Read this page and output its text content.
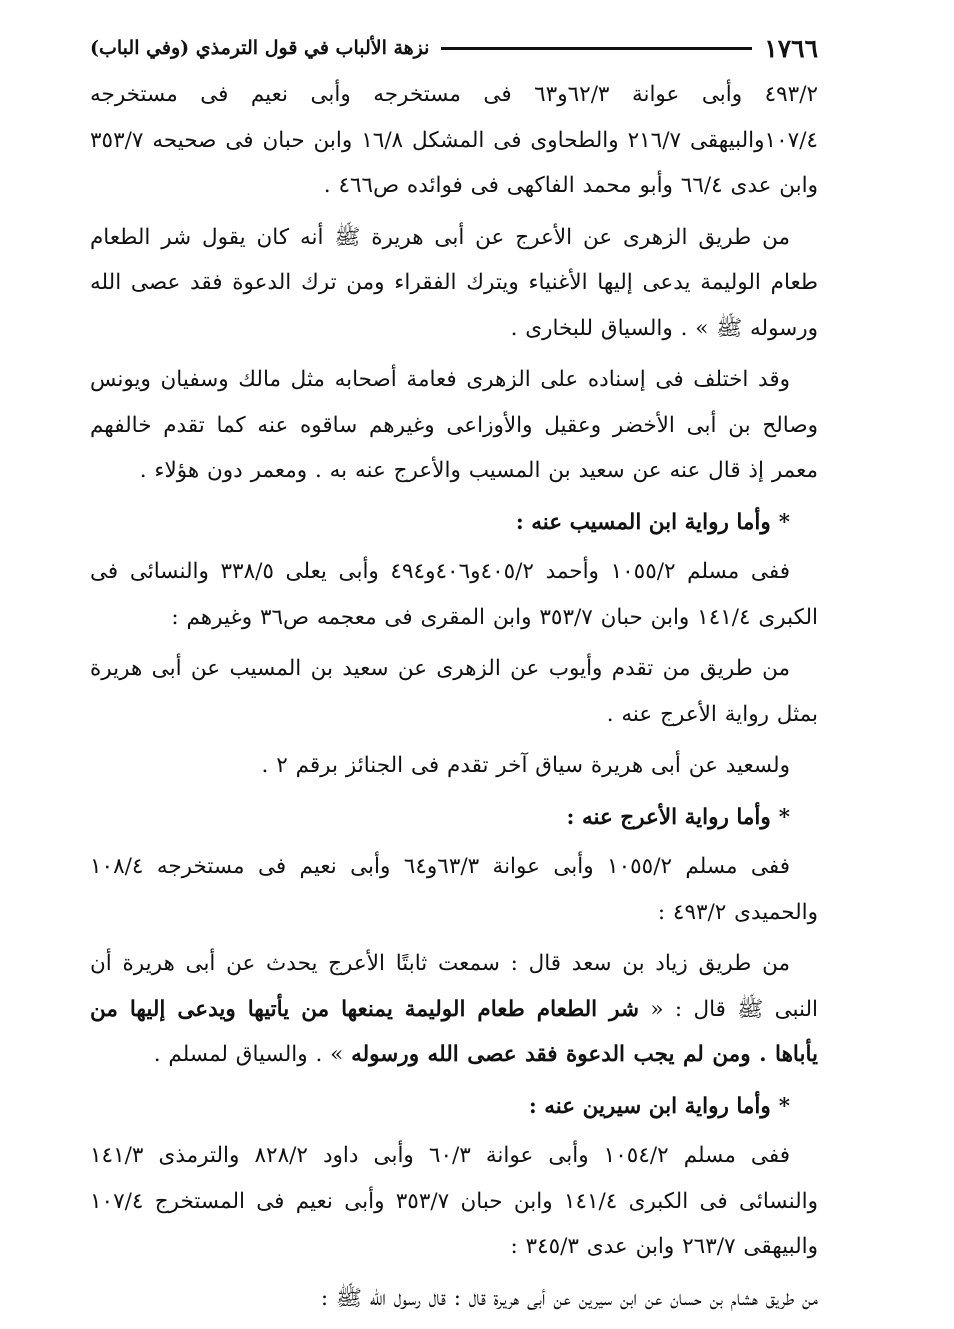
١٧٦٦
نزهة الألباب في قول الترمذي (وفي الباب)

٤٩٣/٢ وأبى عوانة ٦٢/٣و٦٣ فى مستخرجه وأبى نعيم فى مستخرجه ١٠٧/٤والبيهقى ٢١٦/٧ والطحاوى فى المشكل ١٦/٨ وابن حبان فى صحيحه ٣٥٣/٧ وابن عدى ٦٦/٤ وأبو محمد الفاكهى فى فوائده ص٤٦٦ .

من طريق الزهرى عن الأعرج عن أبى هريرة ﷺ أنه كان يقول شر الطعام طعام الوليمة يدعى إليها الأغنياء ويترك الفقراء ومن ترك الدعوة فقد عصى الله ورسوله ﷺ » . والسياق للبخارى .

وقد اختلف فى إسناده على الزهرى فعامة أصحابه مثل مالك وسفيان ويونس وصالح بن أبى الأخضر وعقيل والأوزاعى وغيرهم ساقوه عنه كما تقدم خالفهم معمر إذ قال عنه عن سعيد بن المسيب والأعرج عنه به . ومعمر دون هؤلاء .

*وأما رواية ابن المسيب عنه :

ففى مسلم ١٠٥٥/٢ وأحمد ٤٠٥/٢و٤٠٦و٤٩٤ وأبى يعلى ٣٣٨/٥ والنسائى فى الكبرى ١٤١/٤ وابن حبان ٣٥٣/٧ وابن المقرى فى معجمه ص٣٦ وغيرهم :

من طريق من تقدم وأيوب عن الزهرى عن سعيد بن المسيب عن أبى هريرة بمثل رواية الأعرج عنه .

ولسعيد عن أبى هريرة سياق آخر تقدم فى الجنائز برقم ٢ .

*وأما رواية الأعرج عنه :

ففى مسلم ١٠٥٥/٢ وأبى عوانة ٦٣/٣و٦٤ وأبى نعيم فى مستخرجه ١٠٨/٤ والحميدى ٤٩٣/٢ :

من طريق زياد بن سعد قال : سمعت ثابتًا الأعرج يحدث عن أبى هريرة أن النبى ﷺ قال : « شر الطعام طعام الوليمة يمنعها من يأتيها ويدعى إليها من يأباها . ومن لم يجب الدعوة فقد عصى الله ورسوله » . والسياق لمسلم .

*وأما رواية ابن سيرين عنه :

ففى مسلم ١٠٥٤/٢ وأبى عوانة ٦٠/٣ وأبى داود ٨٢٨/٢ والترمذى ١٤١/٣ والنسائى فى الكبرى ١٤١/٤ وابن حبان ٣٥٣/٧ وأبى نعيم فى المستخرج ١٠٧/٤ والبيهقى ٢٦٣/٧ وابن عدى ٣٤٥/٣ :

من طريق هشام بن حسان عن ابن سيرين عن أبى هريرة قال : قال رسول الله ﷺ :
